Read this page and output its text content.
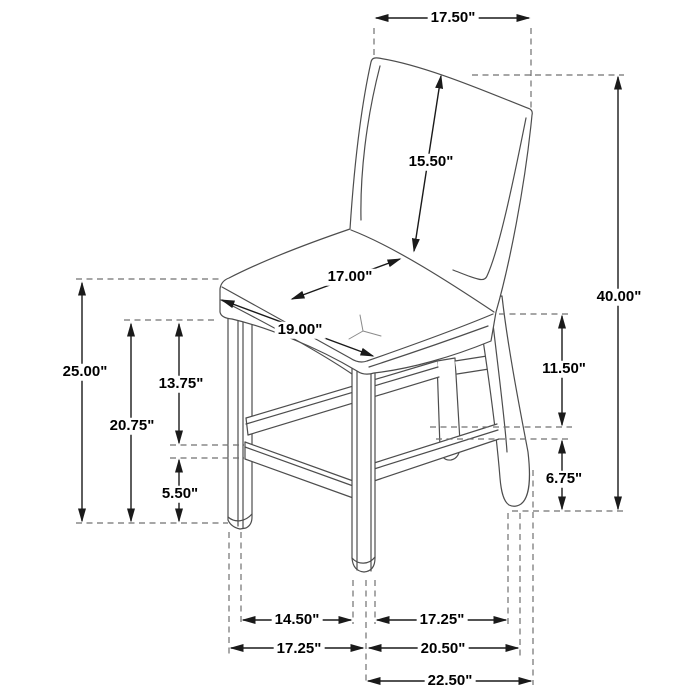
17.50"
15.50"
17.00"
19.00"
25.00"
20.75"
13.75"
5.50"
40.00"
11.50"
6.75"
14.50"	17.25"
17.25"	20.50"
22.50"
